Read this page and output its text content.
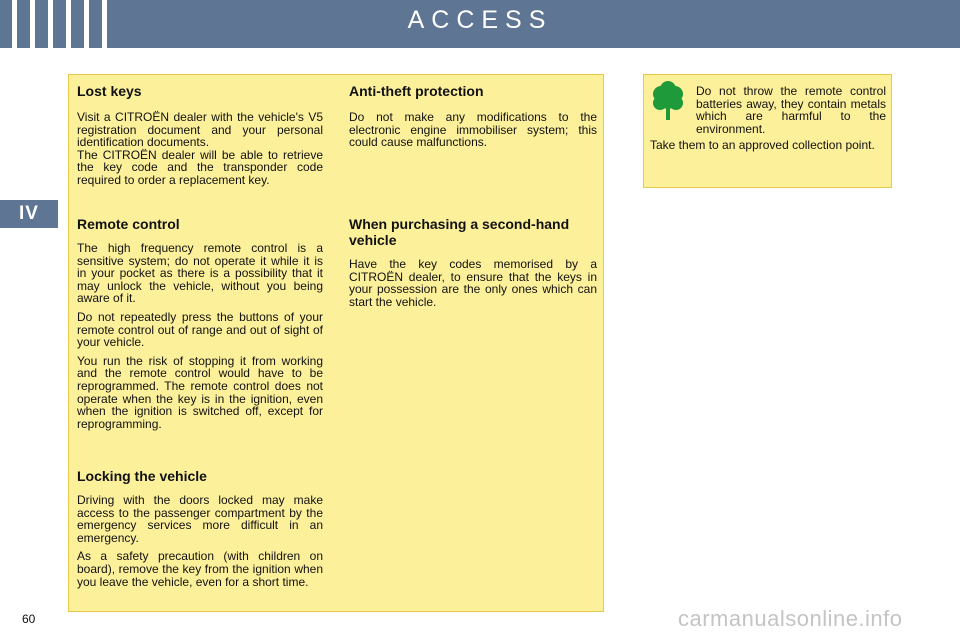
ACCESS
IV
Lost keys

Visit a CITROËN dealer with the vehicle's V5 registration document and your personal identification documents.

The CITROËN dealer will be able to retrieve the key code and the transponder code required to order a replacement key.

Remote control

The high frequency remote control is a sensitive system; do not operate it while it is in your pocket as there is a possibility that it may unlock the vehicle, without you being aware of it.

Do not repeatedly press the buttons of your remote control out of range and out of sight of your vehicle.

You run the risk of stopping it from working and the remote control would have to be reprogrammed. The remote control does not operate when the key is in the ignition, even when the ignition is switched off, except for reprogramming.

Locking the vehicle

Driving with the doors locked may make access to the passenger compartment by the emergency services more difficult in an emergency.

As a safety precaution (with children on board), remove the key from the ignition when you leave the vehicle, even for a short time.

Anti-theft protection

Do not make any modifications to the electronic engine immobiliser system; this could cause malfunctions.

When purchasing a second-hand vehicle

Have the key codes memorised by a CITROËN dealer, to ensure that the keys in your possession are the only ones which can start the vehicle.

Do not throw the remote control batteries away, they contain metals which are harmful to the environment.

Take them to an approved collection point.

60	carmanualsonline.info
